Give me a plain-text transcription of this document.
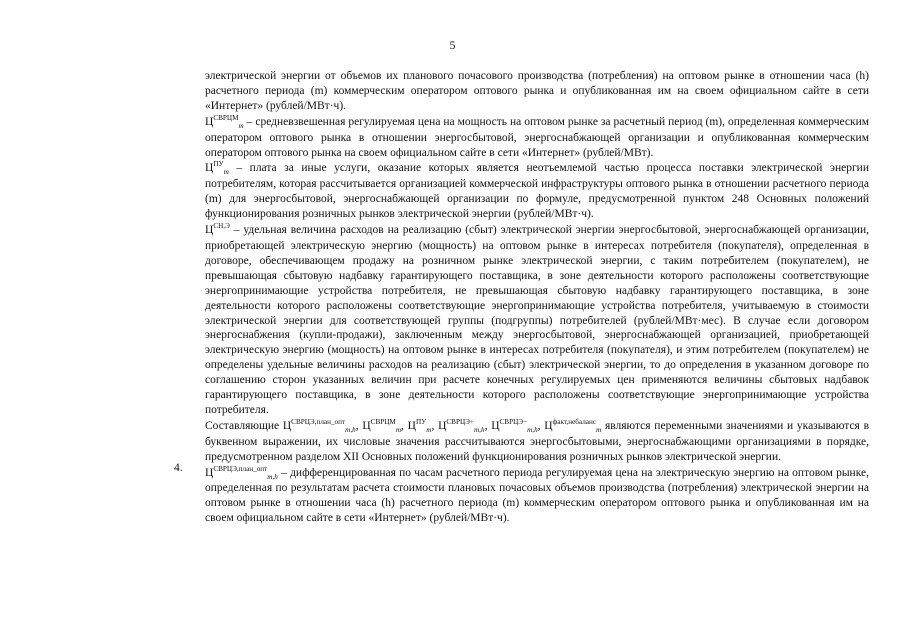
5
4.

электрической энергии от объемов их планового почасового производства (потребления) на оптовом рынке в отношении часа (h) расчетного периода (m) коммерческим оператором оптового рынка и опубликованная им на своем официальном сайте в сети «Интернет» (рублей/МВт·ч).

$Ц^{СВРЦМ}_m$ – средневзвешенная регулируемая цена на мощность на оптовом рынке за расчетный период (m), определенная коммерческим оператором оптового рынка в отношении энергосбытовой, энергоснабжающей организации и опубликованная коммерческим оператором оптового рынка на своем официальном сайте в сети «Интернет» (рублей/МВт).

$Ц^{ПУ}_m$ – плата за иные услуги, оказание которых является неотъемлемой частью процесса поставки электрической энергии потребителям, которая рассчитывается организацией коммерческой инфраструктуры оптового рынка в отношении расчетного периода (m) для энергосбытовой, энергоснабжающей организации по формуле, предусмотренной пунктом 248 Основных положений функционирования розничных рынков электрической энергии (рублей/МВт·ч).

$Ц^{СН,Э}$ – удельная величина расходов на реализацию (сбыт) электрической энергии энергосбытовой, энергоснабжающей организации, приобретающей электрическую энергию (мощность) на оптовом рынке в интересах потребителя (покупателя), определенная в договоре, обеспечивающем продажу на розничном рынке электрической энергии, с таким потребителем (покупателем), не превышающая сбытовую надбавку гарантирующего поставщика, в зоне деятельности которого расположены соответствующие энергопринимающие устройства потребителя, не превышающая сбытовую надбавку гарантирующего поставщика, в зоне деятельности которого расположены соответствующие энергопринимающие устройства потребителя, учитываемую в стоимости электрической энергии для соответствующей группы (подгруппы) потребителей (рублей/МВт·мес). В случае если договором энергоснабжения (купли-продажи), заключенным между энергосбытовой, энергоснабжающей организацией, приобретающей электрическую энергию (мощность) на оптовом рынке в интересах потребителя (покупателя), и этим потребителем (покупателем) не определены удельные величины расходов на реализацию (сбыт) электрической энергии, то до определения в указанном договоре по соглашению сторон указанных величин при расчете конечных регулируемых цен применяются величины сбытовых надбавок гарантирующего поставщика, в зоне деятельности которого расположены соответствующие энергопринимающие устройства потребителя.

Составляющие $Ц^{СВРЦЭ,план\_опт}_{m,h}$, $Ц^{СВРЦМ}_m$, $Ц^{ПУ}_m$, $Ц^{СВРЦЭ+}_{m,h}$, $Ц^{СВРЦЭ-}_{m,h}$, $Ц^{факт,небаланс}_m$ являются переменными значениями и указываются в буквенном выражении, их числовые значения рассчитываются энергосбытовыми, энергоснабжающими организациями в порядке, предусмотренном разделом XII Основных положений функционирования розничных рынков электрической энергии.

$Ц^{СВРЦЭ,план\_опт}_{m,h}$ – дифференцированная по часам расчетного периода регулируемая цена на электрическую энергию на оптовом рынке, определенная по результатам расчета стоимости плановых почасовых объемов производства (потребления) электрической энергии на оптовом рынке в отношении часа (h) расчетного периода (m) коммерческим оператором оптового рынка и опубликованная им на своем официальном сайте в сети «Интернет» (рублей/МВт·ч).
